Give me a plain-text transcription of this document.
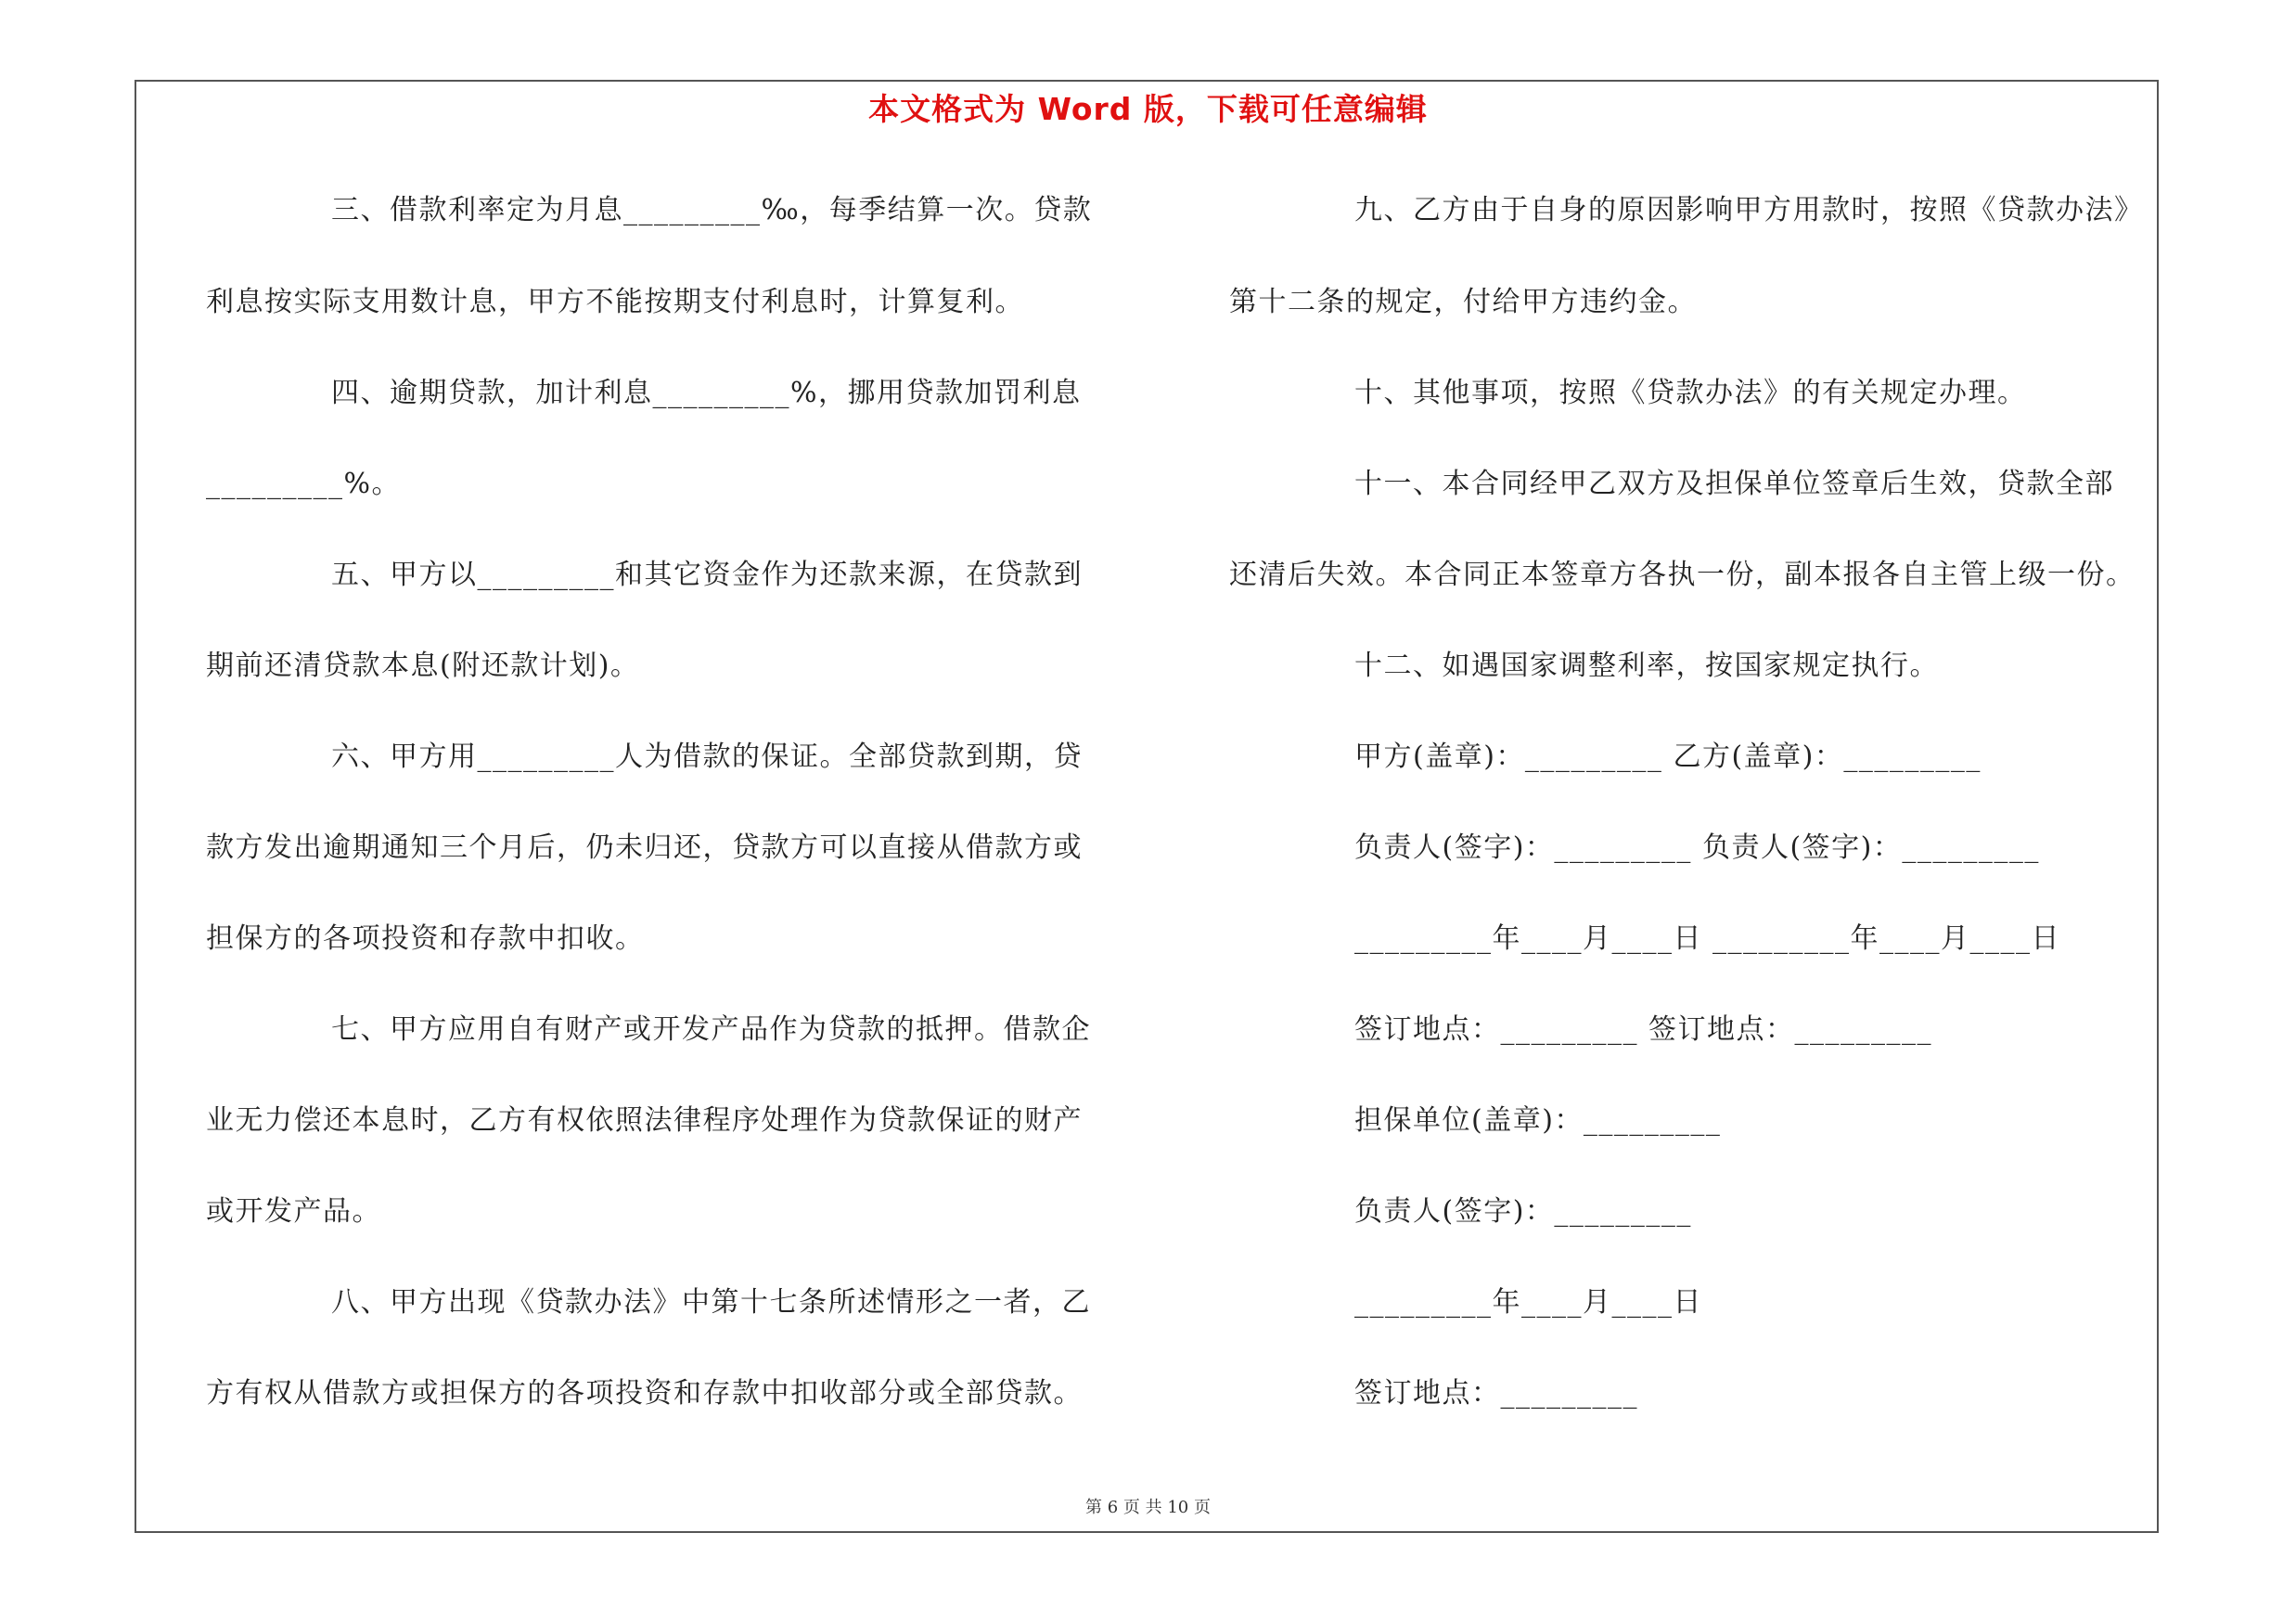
本文格式为 Word 版，下载可任意编辑
三、借款利率定为月息_________‰，每季结算一次。贷款
利息按实际支用数计息，甲方不能按期支付利息时，计算复利。
四、逾期贷款，加计利息_________%，挪用贷款加罚利息
_________%。
五、甲方以_________和其它资金作为还款来源，在贷款到
期前还清贷款本息(附还款计划)。
六、甲方用_________人为借款的保证。全部贷款到期，贷
款方发出逾期通知三个月后，仍未归还，贷款方可以直接从借款方或
担保方的各项投资和存款中扣收。
七、甲方应用自有财产或开发产品作为贷款的抵押。借款企
业无力偿还本息时，乙方有权依照法律程序处理作为贷款保证的财产
或开发产品。
八、甲方出现《贷款办法》中第十七条所述情形之一者，乙
方有权从借款方或担保方的各项投资和存款中扣收部分或全部贷款。
九、乙方由于自身的原因影响甲方用款时，按照《贷款办法》
第十二条的规定，付给甲方违约金。
十、其他事项，按照《贷款办法》的有关规定办理。
十一、本合同经甲乙双方及担保单位签章后生效，贷款全部
还清后失效。本合同正本签章方各执一份，副本报各自主管上级一份。
十二、如遇国家调整利率，按国家规定执行。
甲方(盖章)：_________ 乙方(盖章)：_________
负责人(签字)：_________ 负责人(签字)：_________
_________年____月____日 _________年____月____日
签订地点：_________ 签订地点：_________
担保单位(盖章)：_________
负责人(签字)：_________
_________年____月____日
签订地点：_________
第 6 页 共 10 页
